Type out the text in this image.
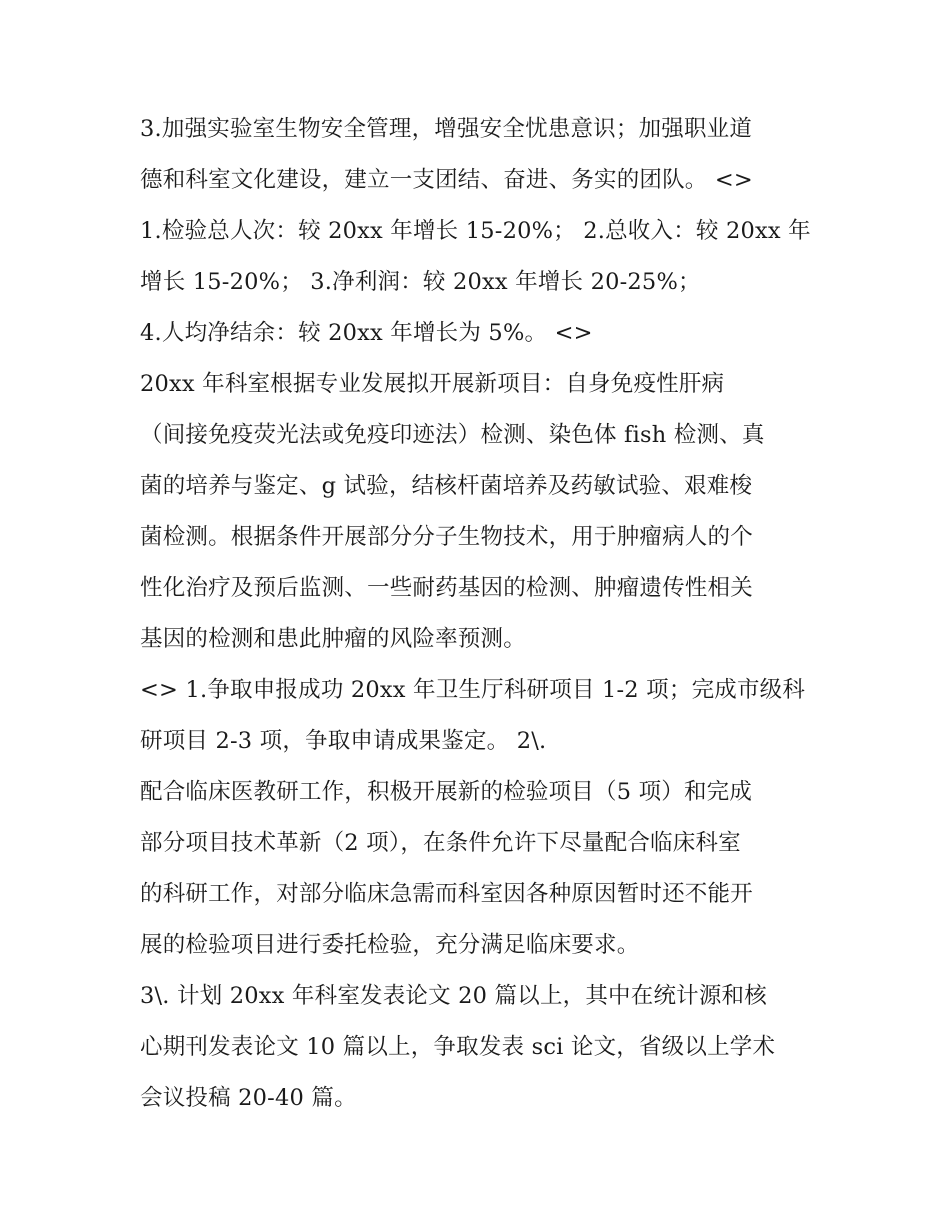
3.加强实验室生物安全管理，增强安全忧患意识；加强职业道
德和科室文化建设，建立一支团结、奋进、务实的团队。 <>
1.检验总人次：较 20xx 年增长 15-20%； 2.总收入：较 20xx 年
增长 15-20%； 3.净利润：较 20xx 年增长 20-25%；
4.人均净结余：较 20xx 年增长为 5%。 <>
20xx 年科室根据专业发展拟开展新项目：自身免疫性肝病
（间接免疫荧光法或免疫印迹法）检测、染色体 fish 检测、真
菌的培养与鉴定、g 试验，结核杆菌培养及药敏试验、艰难梭
菌检测。根据条件开展部分分子生物技术，用于肿瘤病人的个
性化治疗及预后监测、一些耐药基因的检测、肿瘤遗传性相关
基因的检测和患此肿瘤的风险率预测。
<> 1.争取申报成功 20xx 年卫生厅科研项目 1-2 项；完成市级科
研项目 2-3 项，争取申请成果鉴定。 2\.
配合临床医教研工作，积极开展新的检验项目（5 项）和完成
部分项目技术革新（2 项），在条件允许下尽量配合临床科室
的科研工作，对部分临床急需而科室因各种原因暂时还不能开
展的检验项目进行委托检验，充分满足临床要求。
3\. 计划 20xx 年科室发表论文 20 篇以上，其中在统计源和核
心期刊发表论文 10 篇以上，争取发表 sci 论文，省级以上学术
会议投稿 20-40 篇。
